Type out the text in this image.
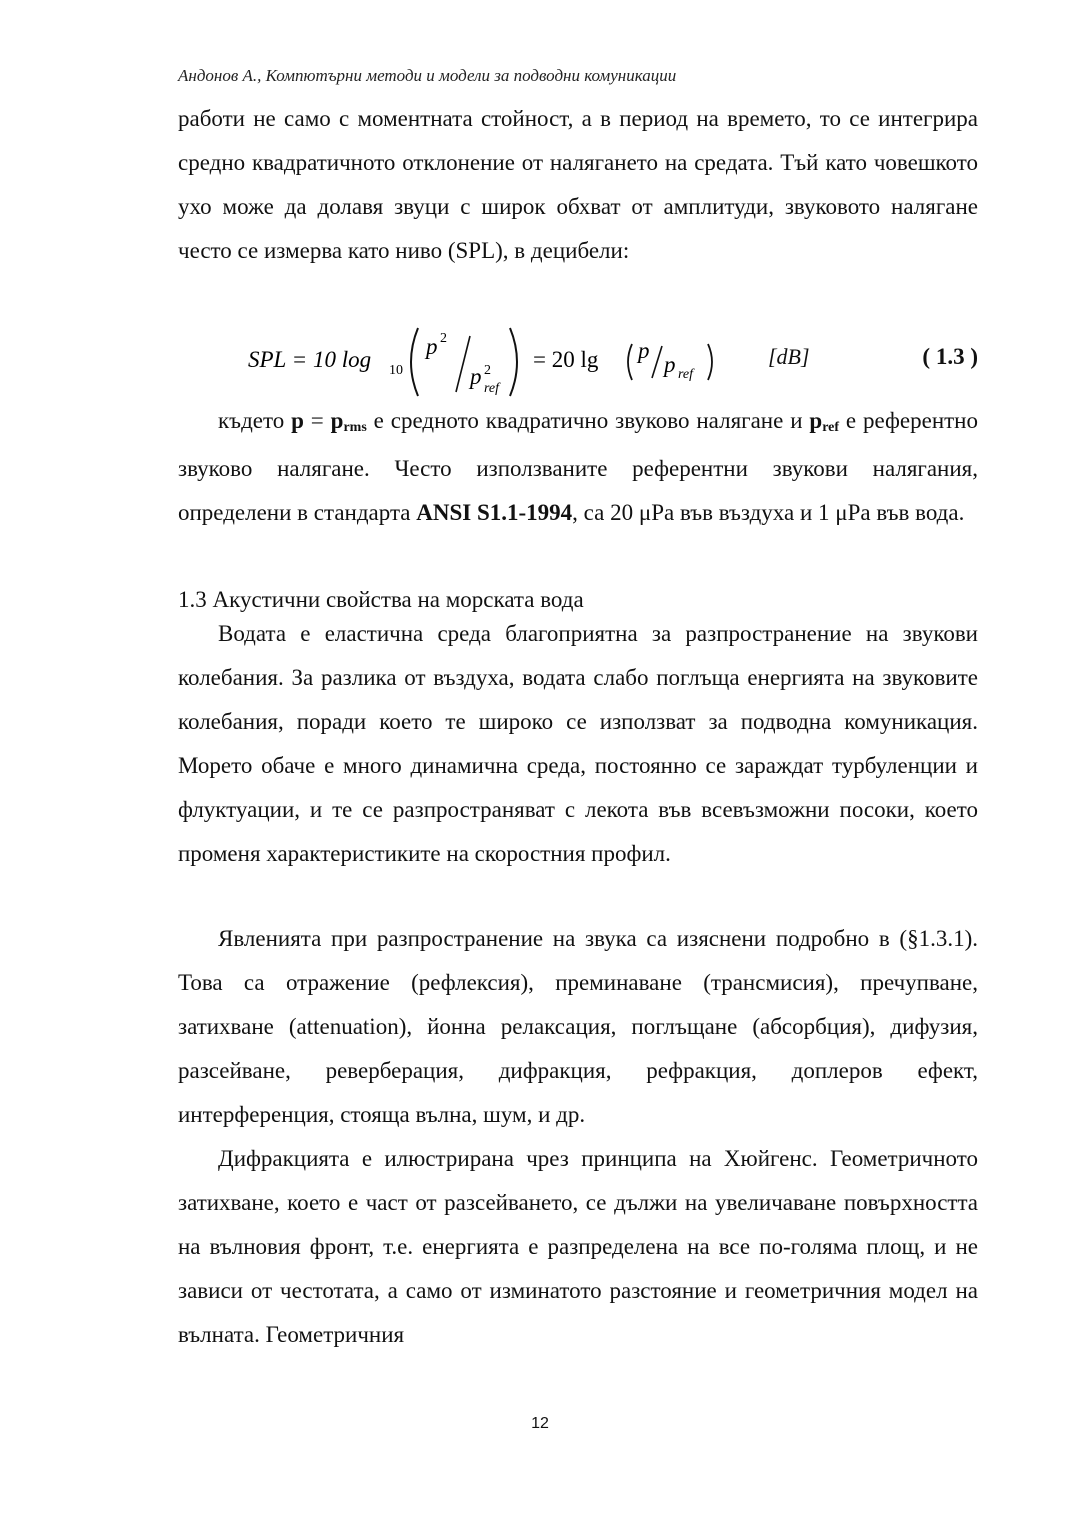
Андонов А., Компютърни методи и модели за подводни комуникации
работи не само с моментната стойност, а в период на времето, то се интегрира средно квадратичното отклонение от налягането на средата. Тъй като човешкото ухо може да долавя звуци с широк обхват от амплитуди, звуковото налягане често се измерва като ниво (SPL), в децибели:
SPL = 10 log 10
p 2
p 2
ref
= 20 lg p
p ref
[dB]	( 1.3 )
където p = prms е средното квадратично звуково налягане и pref е референтно звуково налягане. Често използваните референтни звукови налягания, определени в стандарта ANSI S1.1-1994, са 20 μPa във въздуха и 1 μPa във вода.
1.3 Акустични свойства на морската вода
Водата е еластична среда благоприятна за разпространение на звукови колебания. За разлика от въздуха, водата слабо поглъща енергията на звуковите колебания, поради което те широко се използват за подводна комуникация. Морето обаче е много динамична среда, постоянно се зараждат турбуленции и флуктуации, и те се разпространяват с лекота във всевъзможни посоки, което променя характеристиките на скоростния профил.
Явленията при разпространение на звука са изяснени подробно в (§1.3.1). Това са отражение (рефлексия), преминаване (трансмисия), пречупване, затихване (attenuation), йонна релаксация, поглъщане (абсорбция), дифузия, разсейване, реверберация, дифракция, рефракция, доплеров ефект, интерференция, стояща вълна, шум, и др.
Дифракцията е илюстрирана чрез принципа на Хюйгенс. Геометричното затихване, което е част от разсейването, се дължи на увеличаване повърхността на вълновия фронт, т.е. енергията е разпределена на все по-голяма площ, и не зависи от честотата, а само от изминатото разстояние и геометричния модел на вълната. Геометричния
12
